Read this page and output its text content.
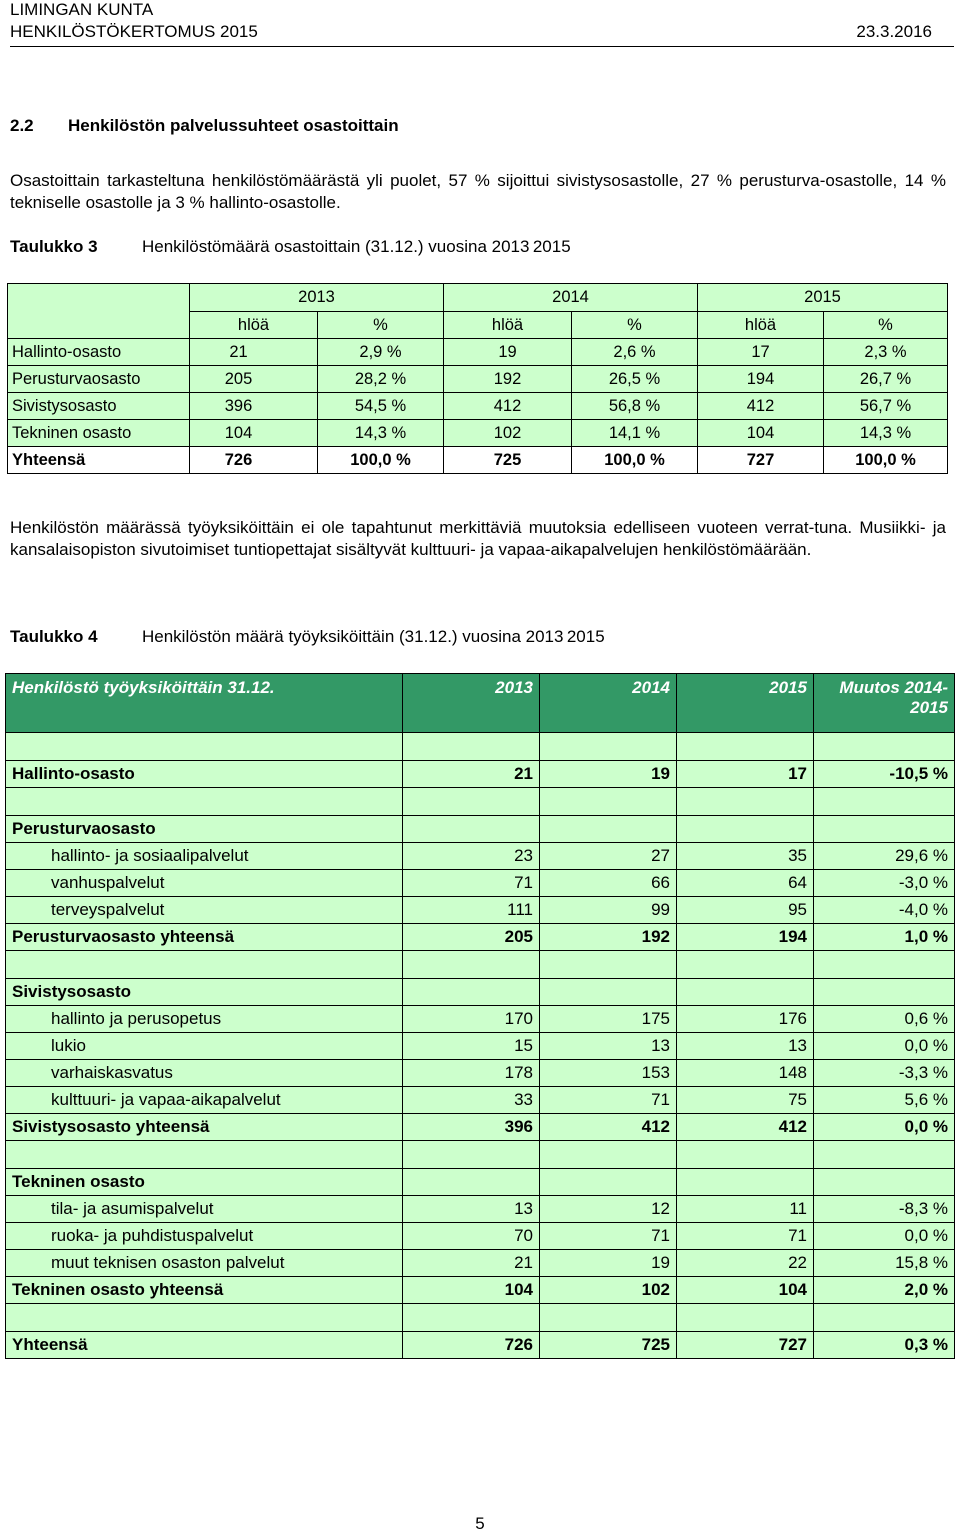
LIMINGAN KUNTA
HENKILÖSTÖKERTOMUS 2015	23.3.2016
2.2 Henkilöstön palvelussuhteet osastoittain
Osastoittain tarkasteltuna henkilöstömäärästä yli puolet, 57 % sijoittui sivistysosastolle, 27 % perusturva-osastolle, 14 % tekniselle osastolle ja 3 % hallinto-osastolle.
Taulukko 3	Henkilöstömäärä osastoittain (31.12.) vuosina 2013 2015
	2013		2014		2015	
	hlöä	%	hlöä	%	hlöä	%
Hallinto-osasto	21	2,9 %	19	2,6 %	17	2,3 %
Perusturvaosasto	205	28,2 %	192	26,5 %	194	26,7 %
Sivistysosasto	396	54,5 %	412	56,8 %	412	56,7 %
Tekninen osasto	104	14,3 %	102	14,1 %	104	14,3 %
Yhteensä	726	100,0 %	725	100,0 %	727	100,0 %
Henkilöstön määrässä työyksiköittäin ei ole tapahtunut merkittäviä muutoksia edelliseen vuoteen verrat-tuna. Musiikki- ja kansalaisopiston sivutoimiset tuntiopettajat sisältyvät kulttuuri- ja vapaa-aikapalvelujen henkilöstömäärään.
Taulukko 4	Henkilöstön määrä työyksiköittäin (31.12.) vuosina 2013 2015
Henkilöstö työyksiköittäin 31.12.	2013	2014	2015	Muutos 2014-2015

Hallinto-osasto	21	19	17	-10,5 %

Perusturvaosasto				
hallinto- ja sosiaalipalvelut	23	27	35	29,6 %
vanhuspalvelut	71	66	64	-3,0 %
terveyspalvelut	111	99	95	-4,0 %
Perusturvaosasto yhteensä	205	192	194	1,0 %

Sivistysosasto				
hallinto ja perusopetus	170	175	176	0,6 %
lukio	15	13	13	0,0 %
varhaiskasvatus	178	153	148	-3,3 %
kulttuuri- ja vapaa-aikapalvelut	33	71	75	5,6 %
Sivistysosasto yhteensä	396	412	412	0,0 %

Tekninen osasto				
tila- ja asumispalvelut	13	12	11	-8,3 %
ruoka- ja puhdistuspalvelut	70	71	71	0,0 %
muut teknisen osaston palvelut	21	19	22	15,8 %
Tekninen osasto yhteensä	104	102	104	2,0 %

Yhteensä	726	725	727	0,3 %
5
